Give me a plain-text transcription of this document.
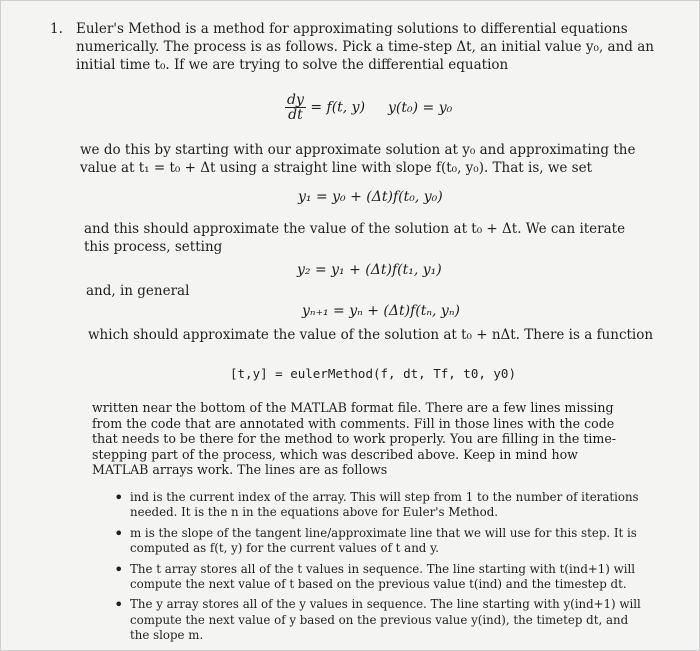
1. Euler's Method is a method for approximating solutions to differential equations numerically. The process is as follows. Pick a time-step Δt, an initial value y₀, and an initial time t₀. If we are trying to solve the differential equation

$\frac{dy}{dt} = f(t$, y) y(t₀) = y₀

we do this by starting with our approximate solution at y₀ and approximating the value at t₁ = t₀ + Δt using a straight line with slope f(t₀, y₀). That is, we set

y₁ = y₀ + (Δt)f(t₀, y₀)

and this should approximate the value of the solution at t₀ + Δt. We can iterate this process, setting

y₂ = y₁ + (Δt)f(t₁, y₁)

and, in general

yₙ₊₁ = yₙ + (Δt)f(tₙ, yₙ)

which should approximate the value of the solution at t₀ + nΔt. There is a function

[t,y] = eulerMethod(f, dt, Tf, t0, y0)

written near the bottom of the MATLAB format file. There are a few lines missing from the code that are annotated with comments. Fill in those lines with the code that needs to be there for the method to work properly. You are filling in the time-stepping part of the process, which was described above. Keep in mind how MATLAB arrays work. The lines are as follows

• ind is the current index of the array. This will step from 1 to the number of iterations needed. It is the n in the equations above for Euler's Method.
• m is the slope of the tangent line/approximate line that we will use for this step. It is computed as f(t, y) for the current values of t and y.
• The t array stores all of the t values in sequence. The line starting with t(ind+1) will compute the next value of t based on the previous value t(ind) and the timestep dt.
• The y array stores all of the y values in sequence. The line starting with y(ind+1) will compute the next value of y based on the previous value y(ind), the timetep dt, and the slope m.
